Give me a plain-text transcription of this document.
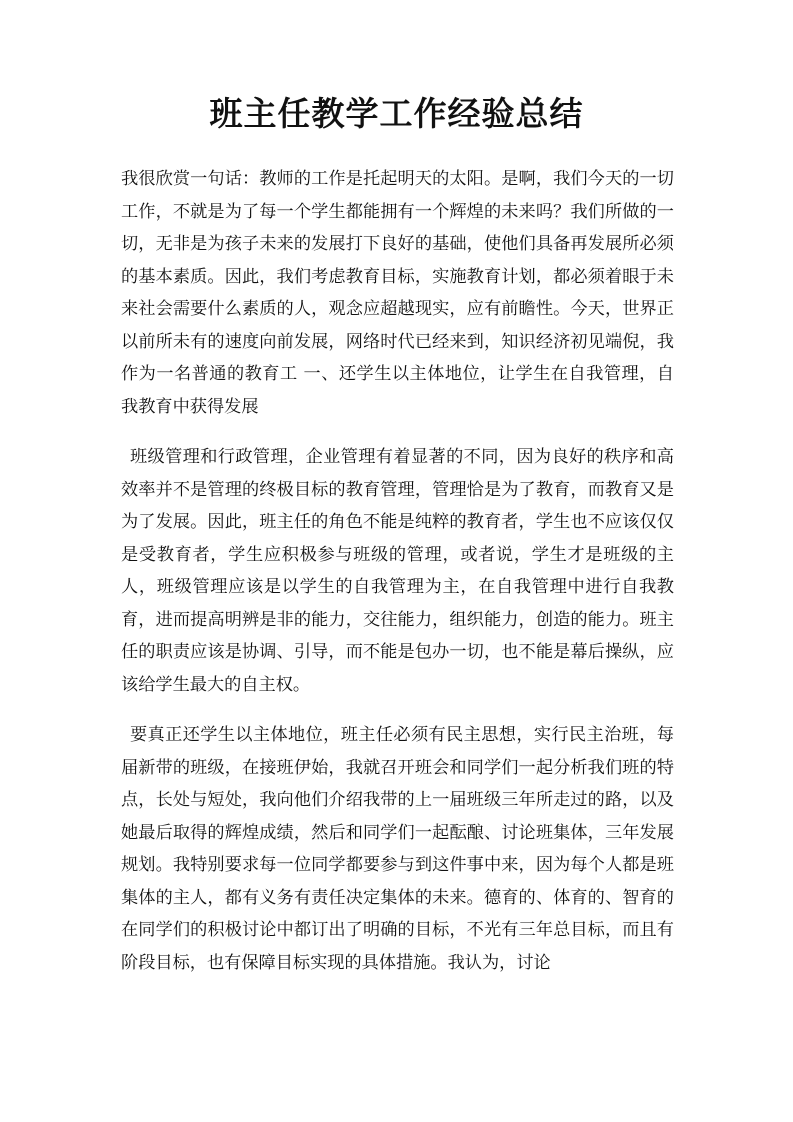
班主任教学工作经验总结

我很欣赏一句话：教师的工作是托起明天的太阳。是啊，我们今天的一切工作，不就是为了每一个学生都能拥有一个辉煌的未来吗？我们所做的一切，无非是为孩子未来的发展打下良好的基础，使他们具备再发展所必须的基本素质。因此，我们考虑教育目标，实施教育计划，都必须着眼于未来社会需要什么素质的人，观念应超越现实，应有前瞻性。今天，世界正以前所未有的速度向前发展，网络时代已经来到，知识经济初见端倪，我作为一名普通的教育工 一、还学生以主体地位，让学生在自我管理，自我教育中获得发展

班级管理和行政管理，企业管理有着显著的不同，因为良好的秩序和高效率并不是管理的终极目标的教育管理，管理恰是为了教育，而教育又是为了发展。因此，班主任的角色不能是纯粹的教育者，学生也不应该仅仅是受教育者，学生应积极参与班级的管理，或者说，学生才是班级的主人，班级管理应该是以学生的自我管理为主，在自我管理中进行自我教育，进而提高明辨是非的能力，交往能力，组织能力，创造的能力。班主任的职责应该是协调、引导，而不能是包办一切，也不能是幕后操纵，应该给学生最大的自主权。

要真正还学生以主体地位，班主任必须有民主思想，实行民主治班，每届新带的班级，在接班伊始，我就召开班会和同学们一起分析我们班的特点，长处与短处，我向他们介绍我带的上一届班级三年所走过的路，以及她最后取得的辉煌成绩，然后和同学们一起酝酿、讨论班集体，三年发展规划。我特别要求每一位同学都要参与到这件事中来，因为每个人都是班集体的主人，都有义务有责任决定集体的未来。德育的、体育的、智育的在同学们的积极讨论中都订出了明确的目标，不光有三年总目标，而且有阶段目标，也有保障目标实现的具体措施。我认为，讨论
